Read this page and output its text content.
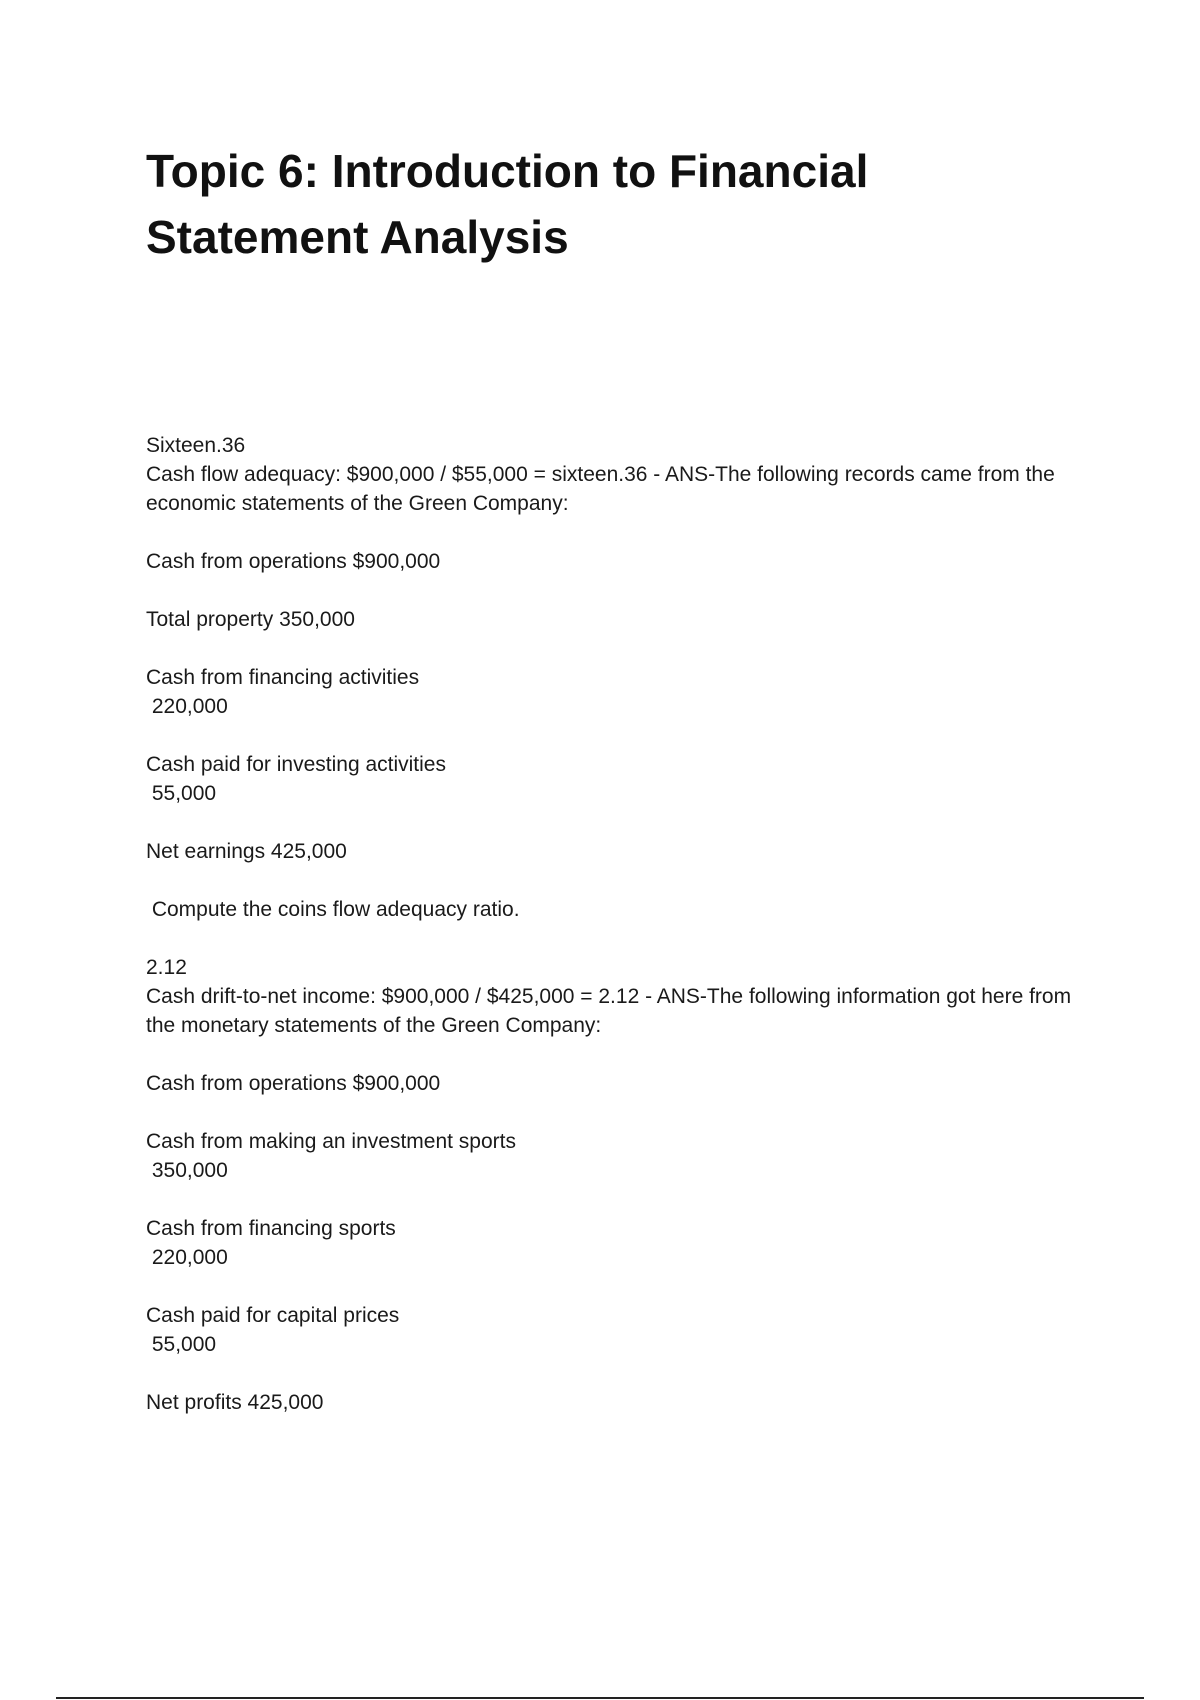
Topic 6: Introduction to Financial
Statement Analysis
Sixteen.36
Cash flow adequacy: $900,000 / $55,000 = sixteen.36 - ANS-The following records came from the economic statements of the Green Company:
Cash from operations $900,000
Total property 350,000
Cash from financing activities
220,000
Cash paid for investing activities
55,000
Net earnings 425,000
Compute the coins flow adequacy ratio.
2.12
Cash drift-to-net income: $900,000 / $425,000 = 2.12 - ANS-The following information got here from the monetary statements of the Green Company:
Cash from operations $900,000
Cash from making an investment sports
350,000
Cash from financing sports
220,000
Cash paid for capital prices
55,000
Net profits 425,000
